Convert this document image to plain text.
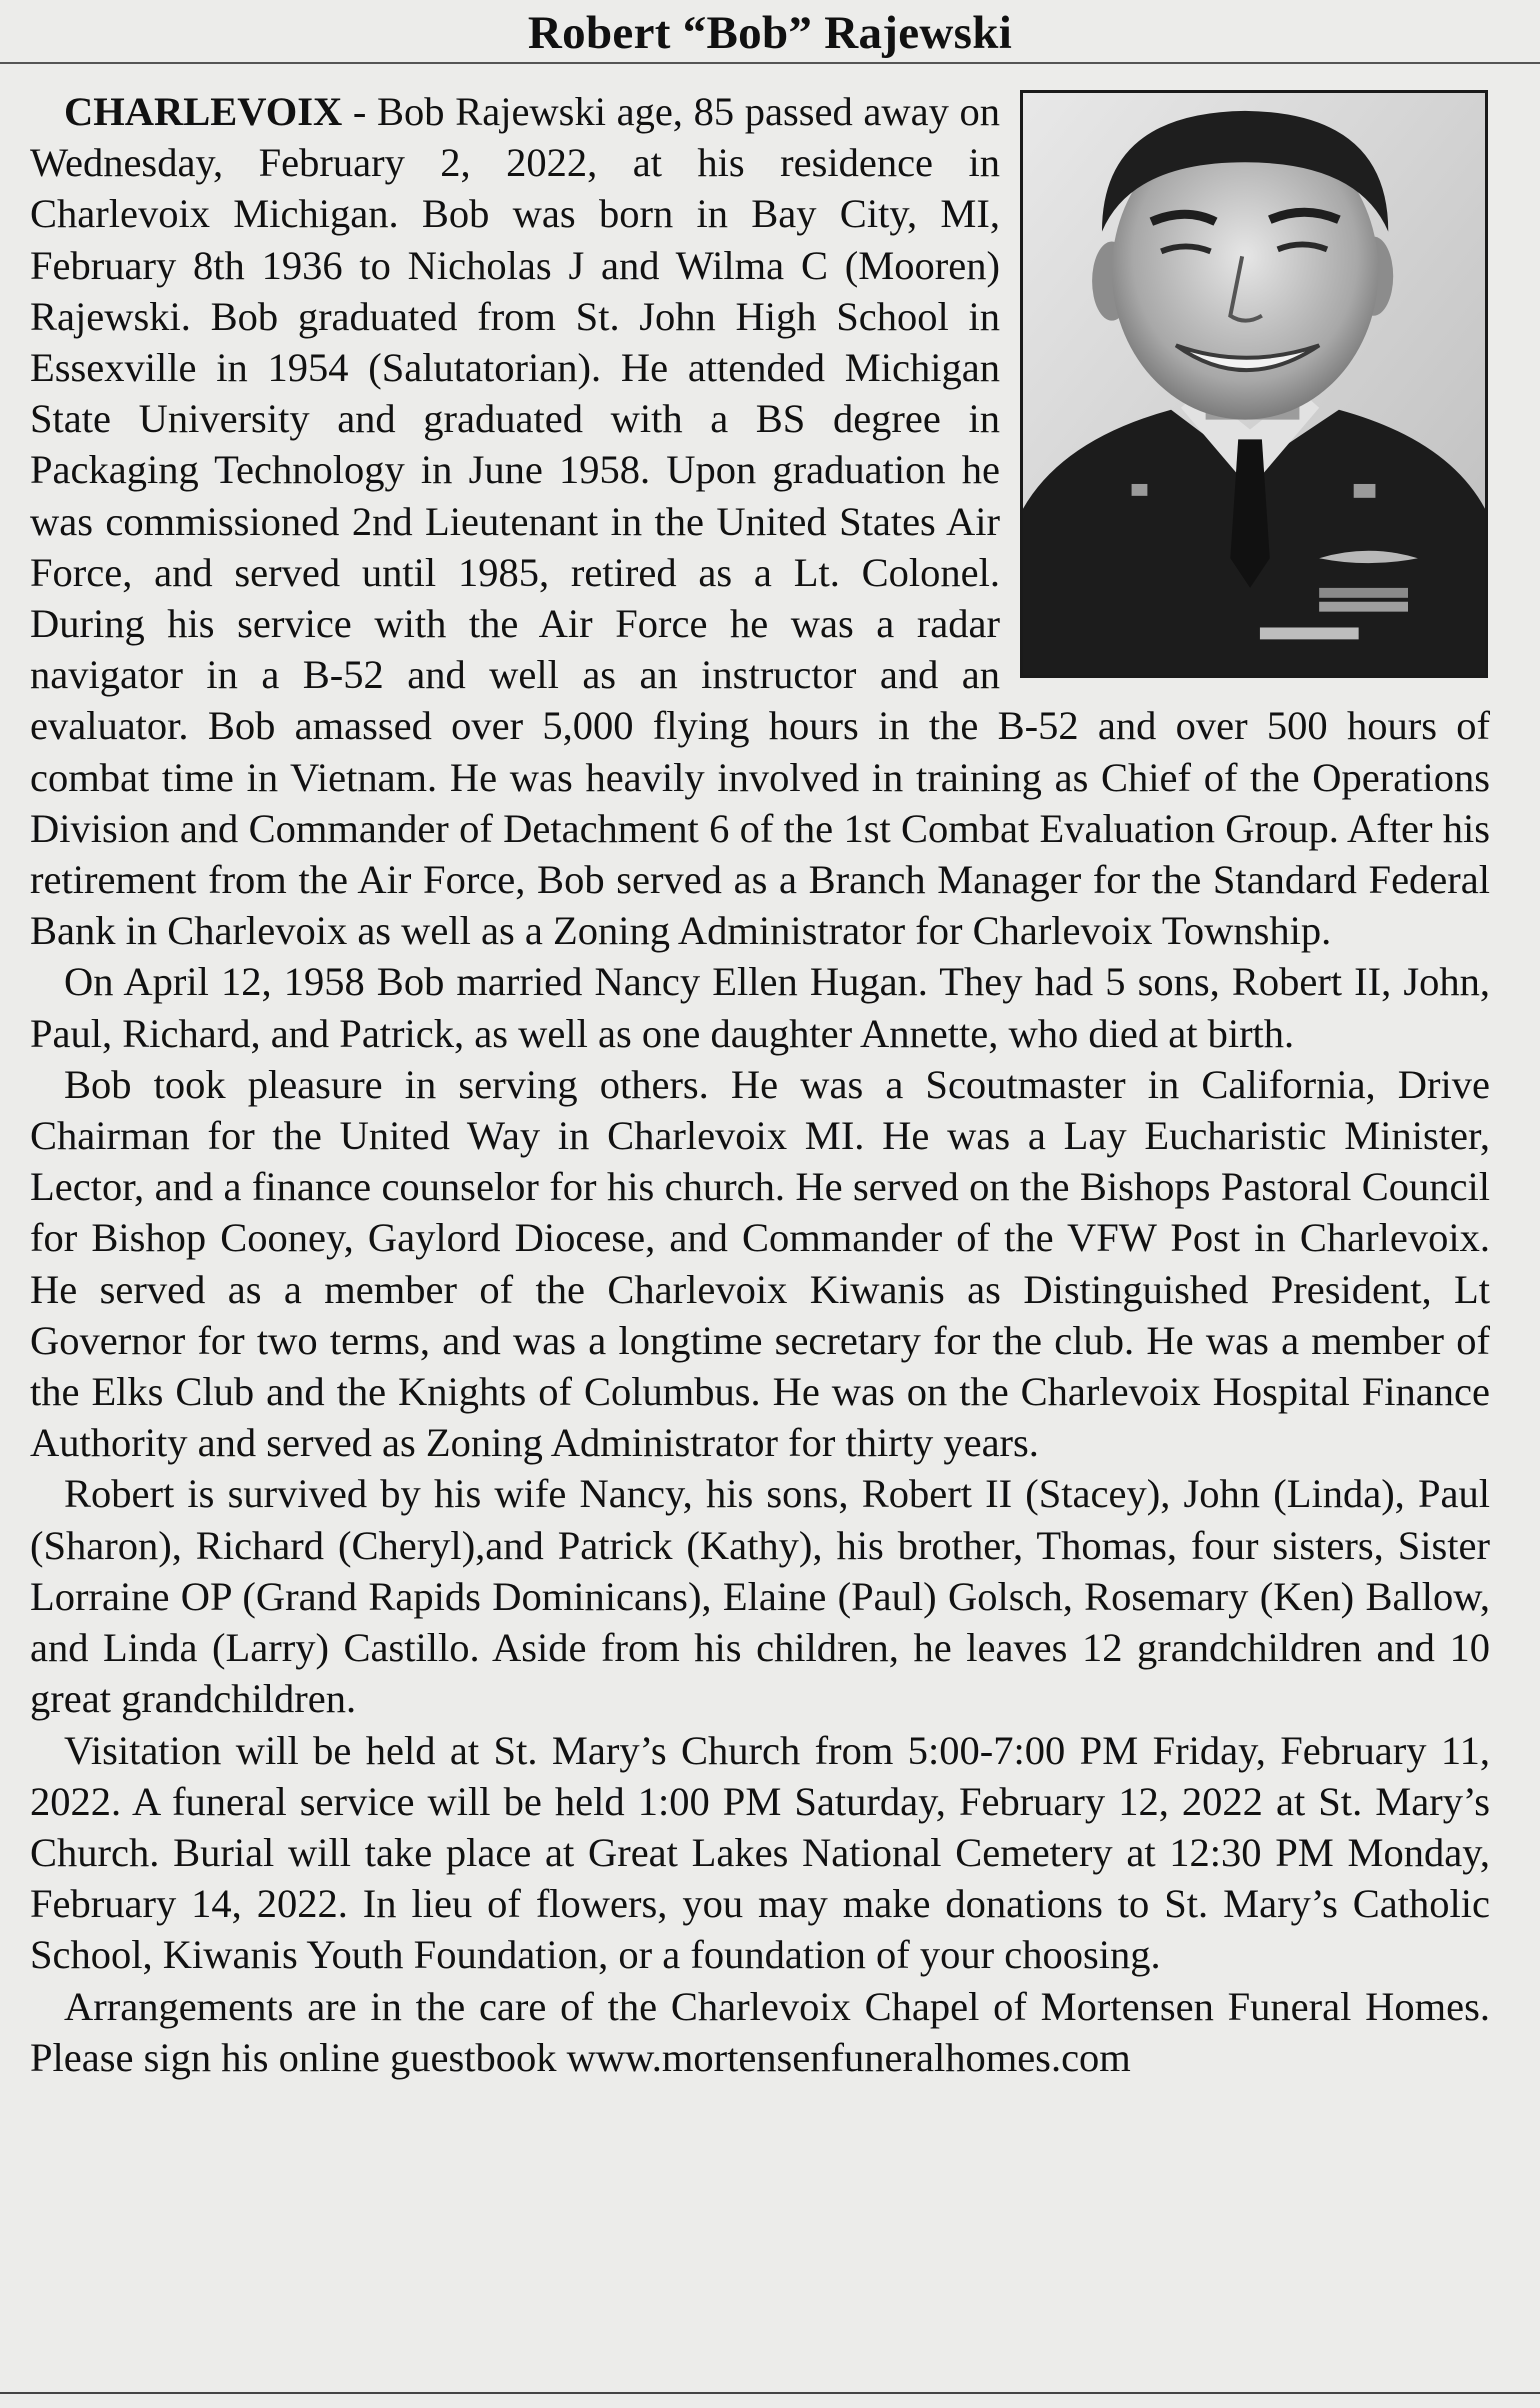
Robert “Bob” Rajewski

CHARLEVOIX - Bob Rajewski age, 85 passed away on Wednesday, February 2, 2022, at his residence in Charlevoix Michigan. Bob was born in Bay City, MI, February 8th 1936 to Nicholas J and Wilma C (Mooren) Rajewski. Bob graduated from St. John High School in Essexville in 1954 (Salutatorian). He attended Michigan State University and graduated with a BS degree in Packaging Technology in June 1958. Upon graduation he was commissioned 2nd Lieutenant in the United States Air Force, and served until 1985, retired as a Lt. Colonel. During his service with the Air Force he was a radar navigator in a B-52 and well as an instructor and an evaluator. Bob amassed over 5,000 flying hours in the B-52 and over 500 hours of combat time in Vietnam. He was heavily involved in training as Chief of the Operations Division and Commander of Detachment 6 of the 1st Combat Evaluation Group. After his retirement from the Air Force, Bob served as a Branch Manager for the Standard Federal Bank in Charlevoix as well as a Zoning Administrator for Charlevoix Township.

On April 12, 1958 Bob married Nancy Ellen Hugan. They had 5 sons, Robert II, John, Paul, Richard, and Patrick, as well as one daughter Annette, who died at birth.

Bob took pleasure in serving others. He was a Scoutmaster in California, Drive Chairman for the United Way in Charlevoix MI. He was a Lay Eucharistic Minister, Lector, and a finance counselor for his church. He served on the Bishops Pastoral Council for Bishop Cooney, Gaylord Diocese, and Commander of the VFW Post in Charlevoix. He served as a member of the Charlevoix Kiwanis as Distinguished President, Lt Governor for two terms, and was a longtime secretary for the club. He was a member of the Elks Club and the Knights of Columbus. He was on the Charlevoix Hospital Finance Authority and served as Zoning Administrator for thirty years.

Robert is survived by his wife Nancy, his sons, Robert II (Stacey), John (Linda), Paul (Sharon), Richard (Cheryl),and Patrick (Kathy), his brother, Thomas, four sisters, Sister Lorraine OP (Grand Rapids Dominicans), Elaine (Paul) Golsch, Rosemary (Ken) Ballow, and Linda (Larry) Castillo. Aside from his children, he leaves 12 grandchildren and 10 great grandchildren.

Visitation will be held at St. Mary’s Church from 5:00-7:00 PM Friday, February 11, 2022. A funeral service will be held 1:00 PM Saturday, February 12, 2022 at St. Mary’s Church. Burial will take place at Great Lakes National Cemetery at 12:30 PM Monday, February 14, 2022. In lieu of flowers, you may make donations to St. Mary’s Catholic School, Kiwanis Youth Foundation, or a foundation of your choosing.

Arrangements are in the care of the Charlevoix Chapel of Mortensen Funeral Homes. Please sign his online guestbook www.mortensenfuneralhomes.com
